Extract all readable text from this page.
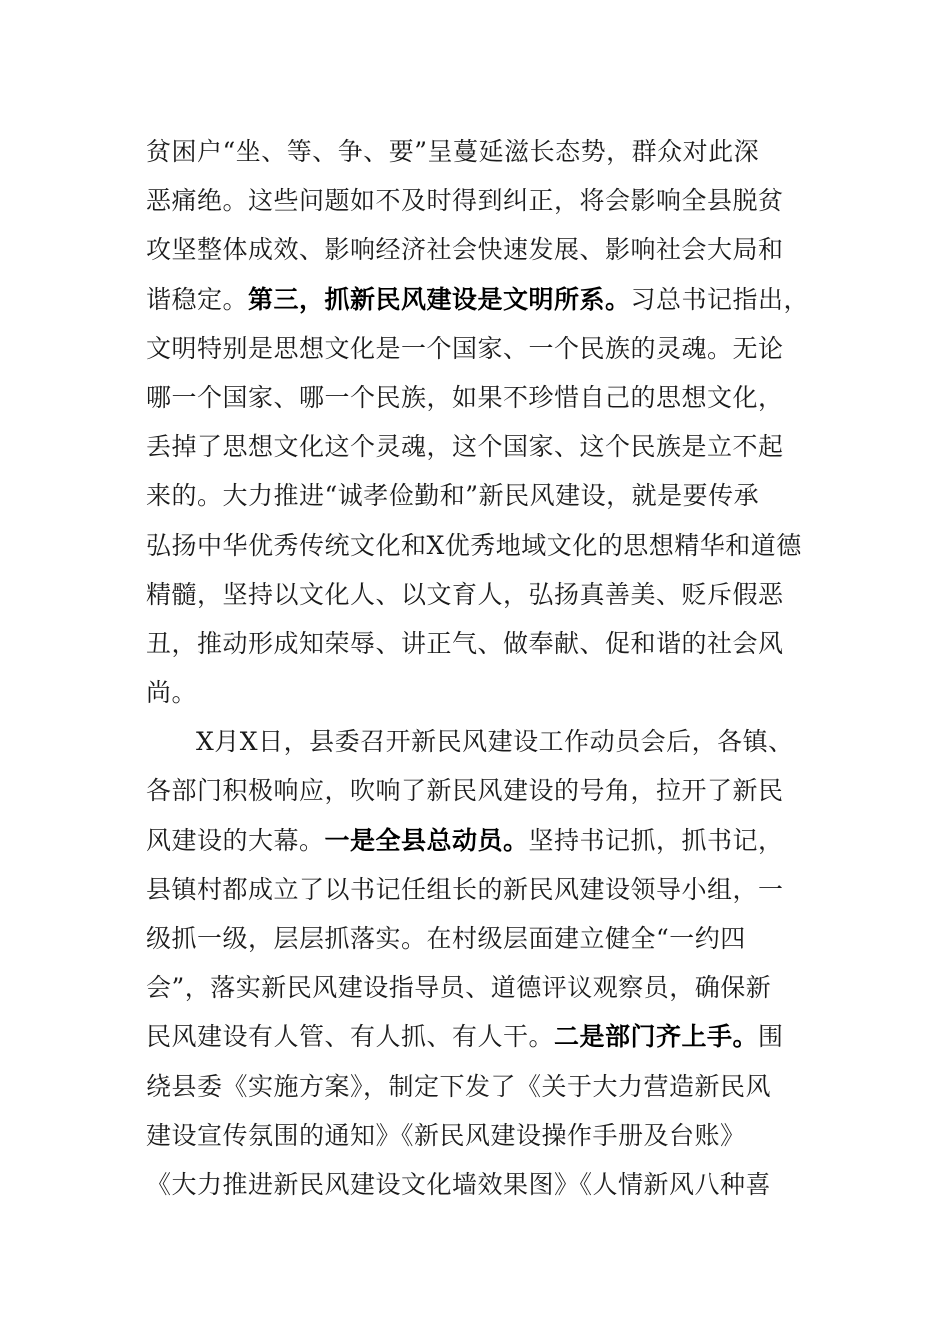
贫困户“坐、等、争、要”呈蔓延滋长态势，群众对此深
恶痛绝。这些问题如不及时得到纠正，将会影响全县脱贫
攻坚整体成效、影响经济社会快速发展、影响社会大局和
谐稳定。第三，抓新民风建设是文明所系。习总书记指出，
文明特别是思想文化是一个国家、一个民族的灵魂。无论
哪一个国家、哪一个民族，如果不珍惜自己的思想文化，
丢掉了思想文化这个灵魂，这个国家、这个民族是立不起
来的。大力推进“诚孝俭勤和”新民风建设，就是要传承
弘扬中华优秀传统文化和X优秀地域文化的思想精华和道德
精髓，坚持以文化人、以文育人，弘扬真善美、贬斥假恶
丑，推动形成知荣辱、讲正气、做奉献、促和谐的社会风
尚。
X月X日，县委召开新民风建设工作动员会后，各镇、
各部门积极响应，吹响了新民风建设的号角，拉开了新民
风建设的大幕。一是全县总动员。坚持书记抓，抓书记，
县镇村都成立了以书记任组长的新民风建设领导小组，一
级抓一级，层层抓落实。在村级层面建立健全“一约四
会”，落实新民风建设指导员、道德评议观察员，确保新
民风建设有人管、有人抓、有人干。二是部门齐上手。围
绕县委《实施方案》，制定下发了《关于大力营造新民风
建设宣传氛围的通知》《新民风建设操作手册及台账》
《大力推进新民风建设文化墙效果图》《人情新风八种喜
